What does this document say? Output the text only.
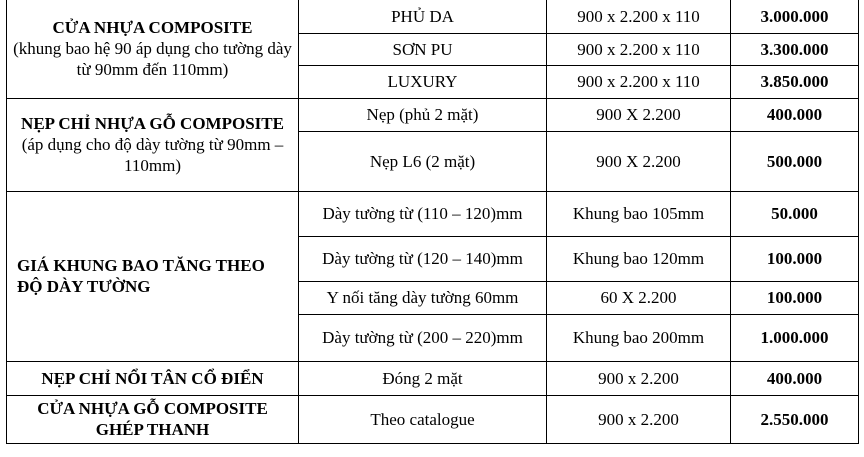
CỬA NHỰA COMPOSITE
(khung bao hệ 90 áp dụng cho tường dày từ 90mm đến 110mm)	PHỦ DA	900 x 2.200 x 110	3.000.000
	SƠN PU	900 x 2.200 x 110	3.300.000
	LUXURY	900 x 2.200 x 110	3.850.000
NẸP CHỈ NHỰA GỖ COMPOSITE
(áp dụng cho độ dày tường từ 90mm – 110mm)	Nẹp (phủ 2 mặt)	900 X 2.200	400.000
	Nẹp L6 (2 mặt)	900 X 2.200	500.000
GIÁ KHUNG BAO TĂNG THEO ĐỘ DÀY TƯỜNG	Dày tường từ (110 – 120)mm	Khung bao 105mm	50.000
	Dày tường từ (120 – 140)mm	Khung bao 120mm	100.000
	Y nối tăng dày tường 60mm	60 X 2.200	100.000
	Dày tường từ (200 – 220)mm	Khung bao 200mm	1.000.000
NẸP CHỈ NỔI TÂN CỔ ĐIỂN	Đóng 2 mặt	900 x 2.200	400.000
CỬA NHỰA GỖ COMPOSITE GHÉP THANH	Theo catalogue	900 x 2.200	2.550.000
